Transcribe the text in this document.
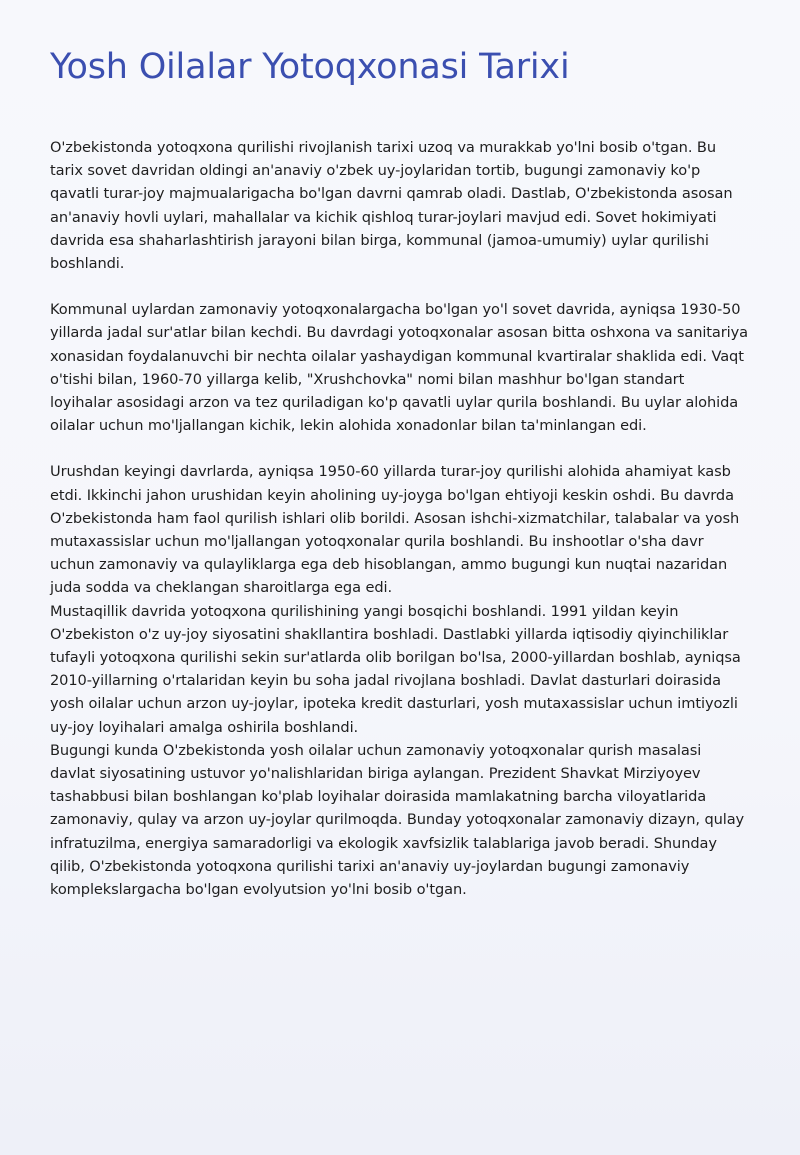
Yosh Oilalar Yotoqxonasi Tarixi

O'zbekistonda yotoqxona qurilishi rivojlanish tarixi uzoq va murakkab yo'lni bosib o'tgan. Bu tarix sovet davridan oldingi an'anaviy o'zbek uy-joylaridan tortib, bugungi zamonaviy ko'p qavatli turar-joy majmualarigacha bo'lgan davrni qamrab oladi. Dastlab, O'zbekistonda asosan an'anaviy hovli uylari, mahallalar va kichik qishloq turar-joylari mavjud edi. Sovet hokimiyati davrida esa shaharlashtirish jarayoni bilan birga, kommunal (jamoa-umumiy) uylar qurilishi boshlandi.

Kommunal uylardan zamonaviy yotoqxonalargacha bo'lgan yo'l sovet davrida, ayniqsa 1930-50 yillarda jadal sur'atlar bilan kechdi. Bu davrdagi yotoqxonalar asosan bitta oshxona va sanitariya xonasidan foydalanuvchi bir nechta oilalar yashaydigan kommunal kvartiralar shaklida edi. Vaqt o'tishi bilan, 1960-70 yillarga kelib, "Xrushchovka" nomi bilan mashhur bo'lgan standart loyihalar asosidagi arzon va tez quriladigan ko'p qavatli uylar qurila boshlandi. Bu uylar alohida oilalar uchun mo'ljallangan kichik, lekin alohida xonadonlar bilan ta'minlangan edi.

Urushdan keyingi davrlarda, ayniqsa 1950-60 yillarda turar-joy qurilishi alohida ahamiyat kasb etdi. Ikkinchi jahon urushidan keyin aholining uy-joyga bo'lgan ehtiyoji keskin oshdi. Bu davrda O'zbekistonda ham faol qurilish ishlari olib borildi. Asosan ishchi-xizmatchilar, talabalar va yosh mutaxassislar uchun mo'ljallangan yotoqxonalar qurila boshlandi. Bu inshootlar o'sha davr uchun zamonaviy va qulayliklarga ega deb hisoblangan, ammo bugungi kun nuqtai nazaridan juda sodda va cheklangan sharoitlarga ega edi.

Mustaqillik davrida yotoqxona qurilishining yangi bosqichi boshlandi. 1991 yildan keyin O'zbekiston o'z uy-joy siyosatini shakllantira boshladi. Dastlabki yillarda iqtisodiy qiyinchiliklar tufayli yotoqxona qurilishi sekin sur'atlarda olib borilgan bo'lsa, 2000-yillardan boshlab, ayniqsa 2010-yillarning o'rtalaridan keyin bu soha jadal rivojlana boshladi. Davlat dasturlari doirasida yosh oilalar uchun arzon uy-joylar, ipoteka kredit dasturlari, yosh mutaxassislar uchun imtiyozli uy-joy loyihalari amalga oshirila boshlandi.

Bugungi kunda O'zbekistonda yosh oilalar uchun zamonaviy yotoqxonalar qurish masalasi davlat siyosatining ustuvor yo'nalishlaridan biriga aylangan. Prezident Shavkat Mirziyoyev tashabbusi bilan boshlangan ko'plab loyihalar doirasida mamlakatning barcha viloyatlarida zamonaviy, qulay va arzon uy-joylar qurilmoqda. Bunday yotoqxonalar zamonaviy dizayn, qulay infratuzilma, energiya samaradorligi va ekologik xavfsizlik talablariga javob beradi. Shunday qilib, O'zbekistonda yotoqxona qurilishi tarixi an'anaviy uy-joylardan bugungi zamonaviy komplekslargacha bo'lgan evolyutsion yo'lni bosib o'tgan.
